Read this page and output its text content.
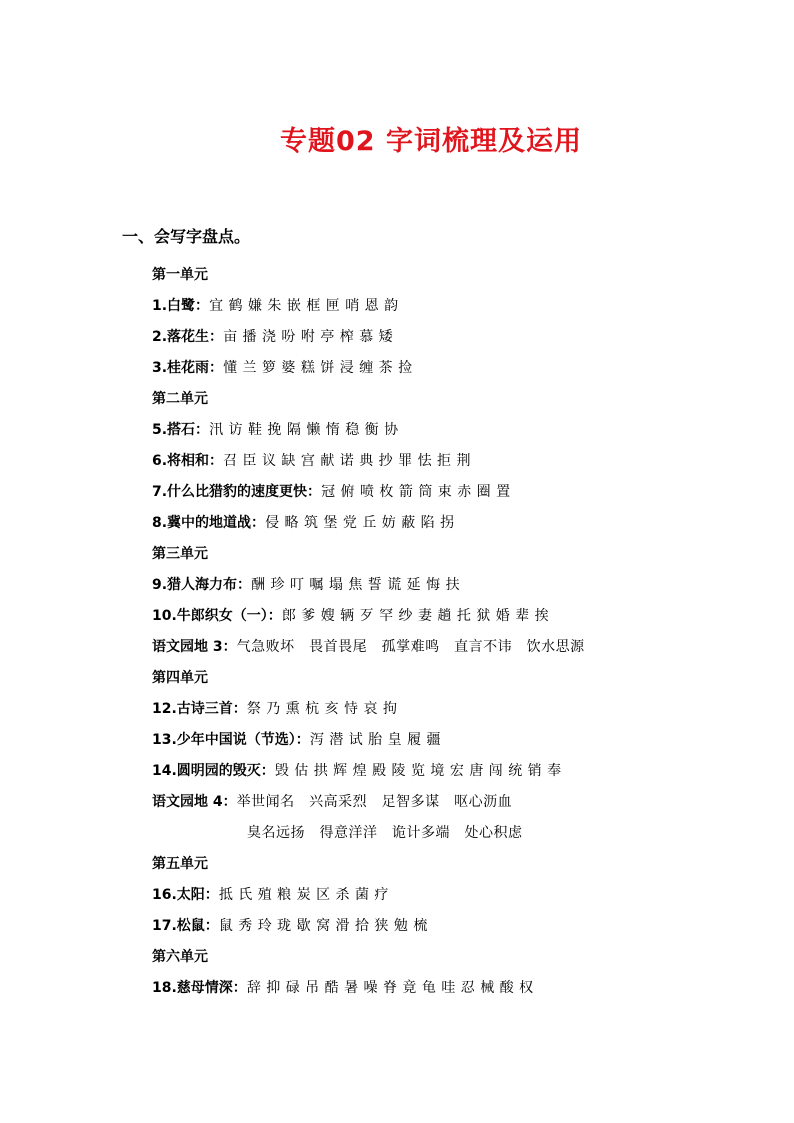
专题02 字词梳理及运用
一、会写字盘点。
第一单元
1.白鹭：宜 鹤 嫌 朱 嵌 框 匣 哨 恩 韵
2.落花生：亩 播 浇 吩 咐 亭 榨 慕 矮
3.桂花雨：懂 兰 箩 婆 糕 饼 浸 缠 茶 捡
第二单元
5.搭石：汛 访 鞋 挽 隔 懒 惰 稳 衡 协
6.将相和：召 臣 议 缺 宫 献 诺 典 抄 罪 怯 拒 荆
7.什么比猎豹的速度更快：冠 俯 喷 枚 箭 筒 束 赤 圈 置
8.冀中的地道战：侵 略 筑 堡 党 丘 妨 蔽 陷 拐
第三单元
9.猎人海力布：酬 珍 叮 嘱 塌 焦 誓 谎 延 悔 扶
10.牛郎织女（一）：郎 爹 嫂 辆 歹 罕 纱 妻 趟 托 狱 婚 辈 挨
语文园地 3：气急败坏　畏首畏尾　孤掌难鸣　直言不讳　饮水思源
第四单元
12.古诗三首：祭 乃 熏 杭 亥 恃 哀 拘
13.少年中国说（节选）：泻 潜 试 胎 皇 履 疆
14.圆明园的毁灭：毁 估 拱 辉 煌 殿 陵 览 境 宏 唐 闯 统 销 奉
语文园地 4：举世闻名　兴高采烈　足智多谋　呕心沥血
臭名远扬　得意洋洋　诡计多端　处心积虑
第五单元
16.太阳：抵 氏 殖 粮 炭 区 杀 菌 疗
17.松鼠：鼠 秀 玲 珑 歇 窝 滑 拾 狭 勉 梳
第六单元
18.慈母情深：辞 抑 碌 吊 酷 暑 噪 脊 竟 龟 哇 忍 械 酸 权
